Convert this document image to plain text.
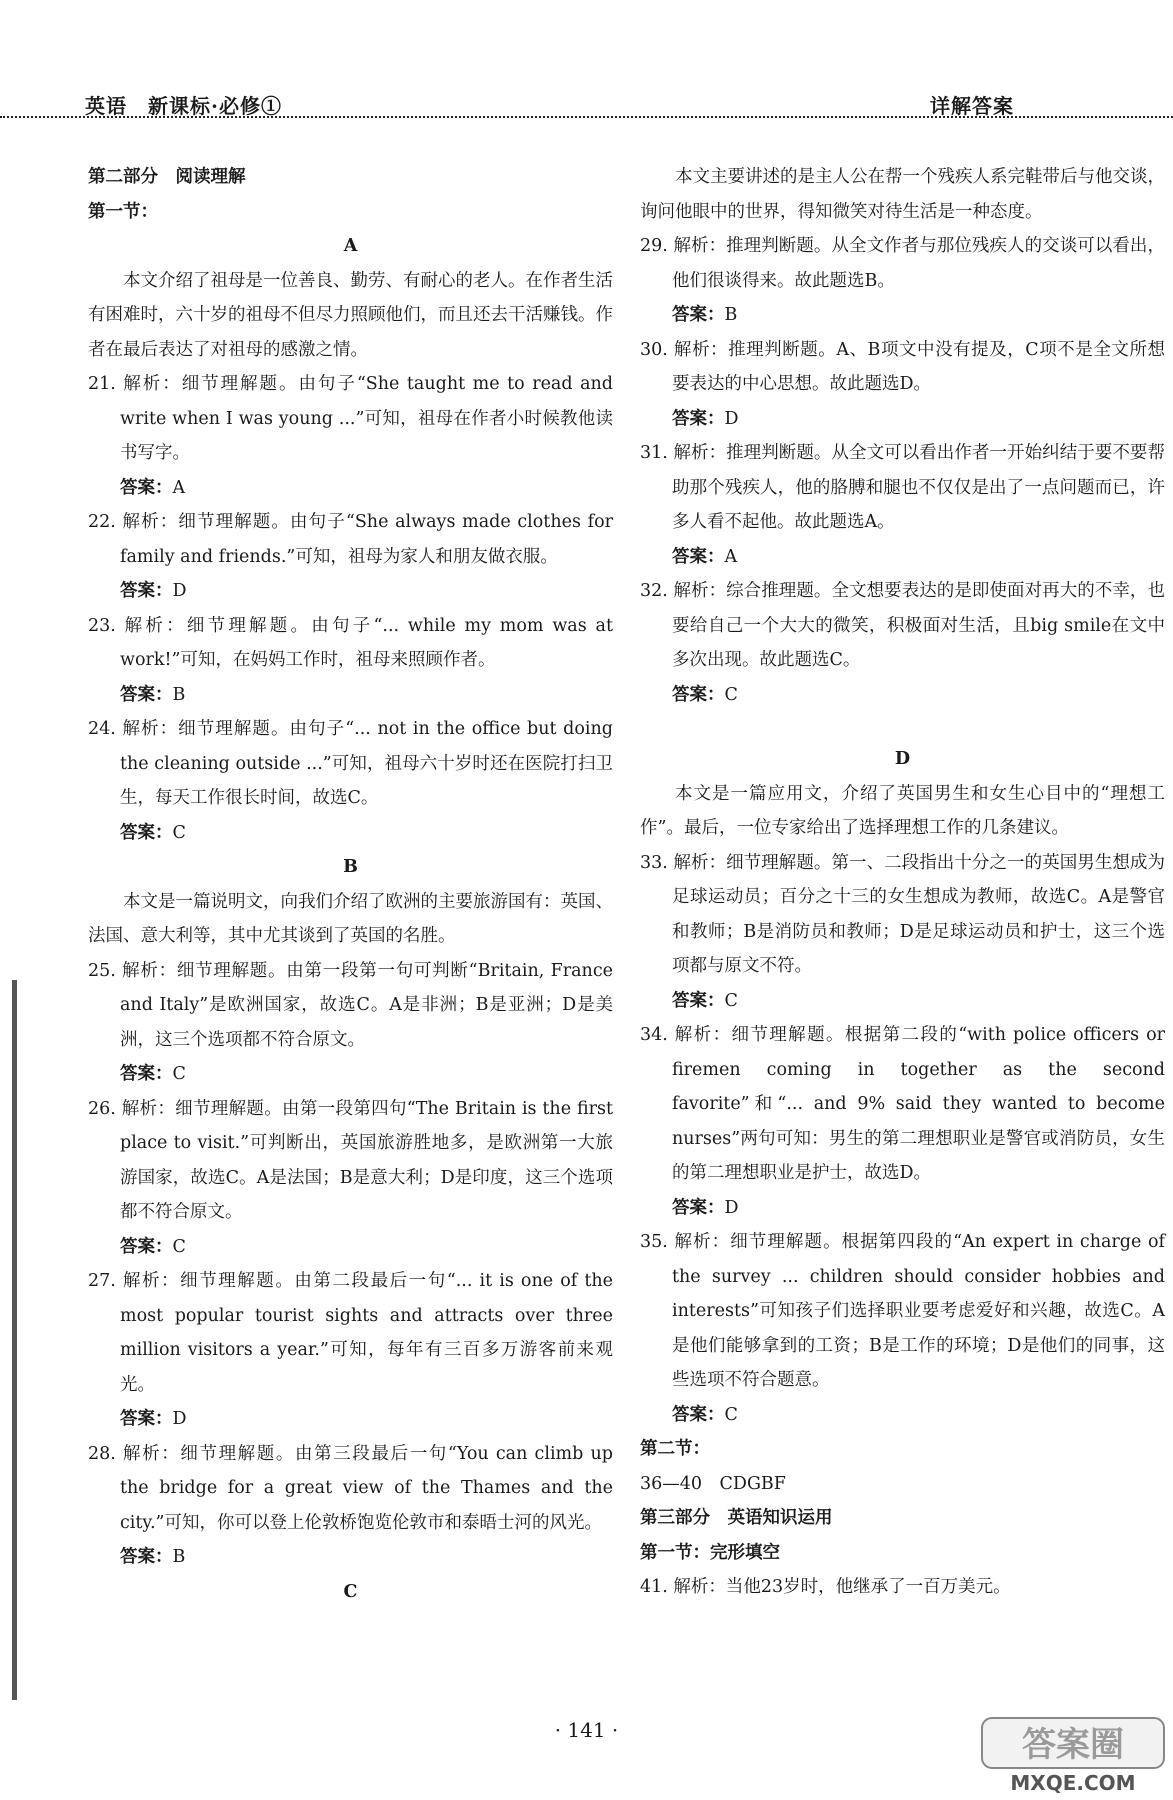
英语　新课标·必修①	详解答案
第二部分　阅读理解
第一节：
A
本文介绍了祖母是一位善良、勤劳、有耐心的老人。在作者生活有困难时，六十岁的祖母不但尽力照顾他们，而且还去干活赚钱。作者在最后表达了对祖母的感激之情。
21. 解析：细节理解题。由句子“She taught me to read and write when I was young ...”可知，祖母在作者小时候教他读书写字。
答案：A
22. 解析：细节理解题。由句子“She always made clothes for family and friends.”可知，祖母为家人和朋友做衣服。
答案：D
23. 解析：细节理解题。由句子“... while my mom was at work!”可知，在妈妈工作时，祖母来照顾作者。
答案：B
24. 解析：细节理解题。由句子“... not in the office but doing the cleaning outside ...”可知，祖母六十岁时还在医院打扫卫生，每天工作很长时间，故选C。
答案：C
B
本文是一篇说明文，向我们介绍了欧洲的主要旅游国有：英国、法国、意大利等，其中尤其谈到了英国的名胜。
25. 解析：细节理解题。由第一段第一句可判断“Britain, France and Italy”是欧洲国家，故选C。A是非洲；B是亚洲；D是美洲，这三个选项都不符合原文。
答案：C
26. 解析：细节理解题。由第一段第四句“The Britain is the first place to visit.”可判断出，英国旅游胜地多，是欧洲第一大旅游国家，故选C。A是法国；B是意大利；D是印度，这三个选项都不符合原文。
答案：C
27. 解析：细节理解题。由第二段最后一句“... it is one of the most popular tourist sights and attracts over three million visitors a year.”可知，每年有三百多万游客前来观光。
答案：D
28. 解析：细节理解题。由第三段最后一句“You can climb up the bridge for a great view of the Thames and the city.”可知，你可以登上伦敦桥饱览伦敦市和泰晤士河的风光。
答案：B
C
本文主要讲述的是主人公在帮一个残疾人系完鞋带后与他交谈，询问他眼中的世界，得知微笑对待生活是一种态度。
29. 解析：推理判断题。从全文作者与那位残疾人的交谈可以看出，他们很谈得来。故此题选B。
答案：B
30. 解析：推理判断题。A、B项文中没有提及，C项不是全文所想要表达的中心思想。故此题选D。
答案：D
31. 解析：推理判断题。从全文可以看出作者一开始纠结于要不要帮助那个残疾人，他的胳膊和腿也不仅仅是出了一点问题而已，许多人看不起他。故此题选A。
答案：A
32. 解析：综合推理题。全文想要表达的是即使面对再大的不幸，也要给自己一个大大的微笑，积极面对生活，且big smile在文中多次出现。故此题选C。
答案：C
D
本文是一篇应用文，介绍了英国男生和女生心目中的“理想工作”。最后，一位专家给出了选择理想工作的几条建议。
33. 解析：细节理解题。第一、二段指出十分之一的英国男生想成为足球运动员；百分之十三的女生想成为教师，故选C。A是警官和教师；B是消防员和教师；D是足球运动员和护士，这三个选项都与原文不符。
答案：C
34. 解析：细节理解题。根据第二段的“with police officers or firemen coming in together as the second favorite”和“... and 9% said they wanted to become nurses”两句可知：男生的第二理想职业是警官或消防员，女生的第二理想职业是护士，故选D。
答案：D
35. 解析：细节理解题。根据第四段的“An expert in charge of the survey ... children should consider hobbies and interests”可知孩子们选择职业要考虑爱好和兴趣，故选C。A是他们能够拿到的工资；B是工作的环境；D是他们的同事，这些选项不符合题意。
答案：C
第二节：
36—40　CDGBF
第三部分　英语知识运用
第一节：完形填空
41. 解析：当他23岁时，他继承了一百万美元。
· 141 ·	答案圈
MXQE.COM
